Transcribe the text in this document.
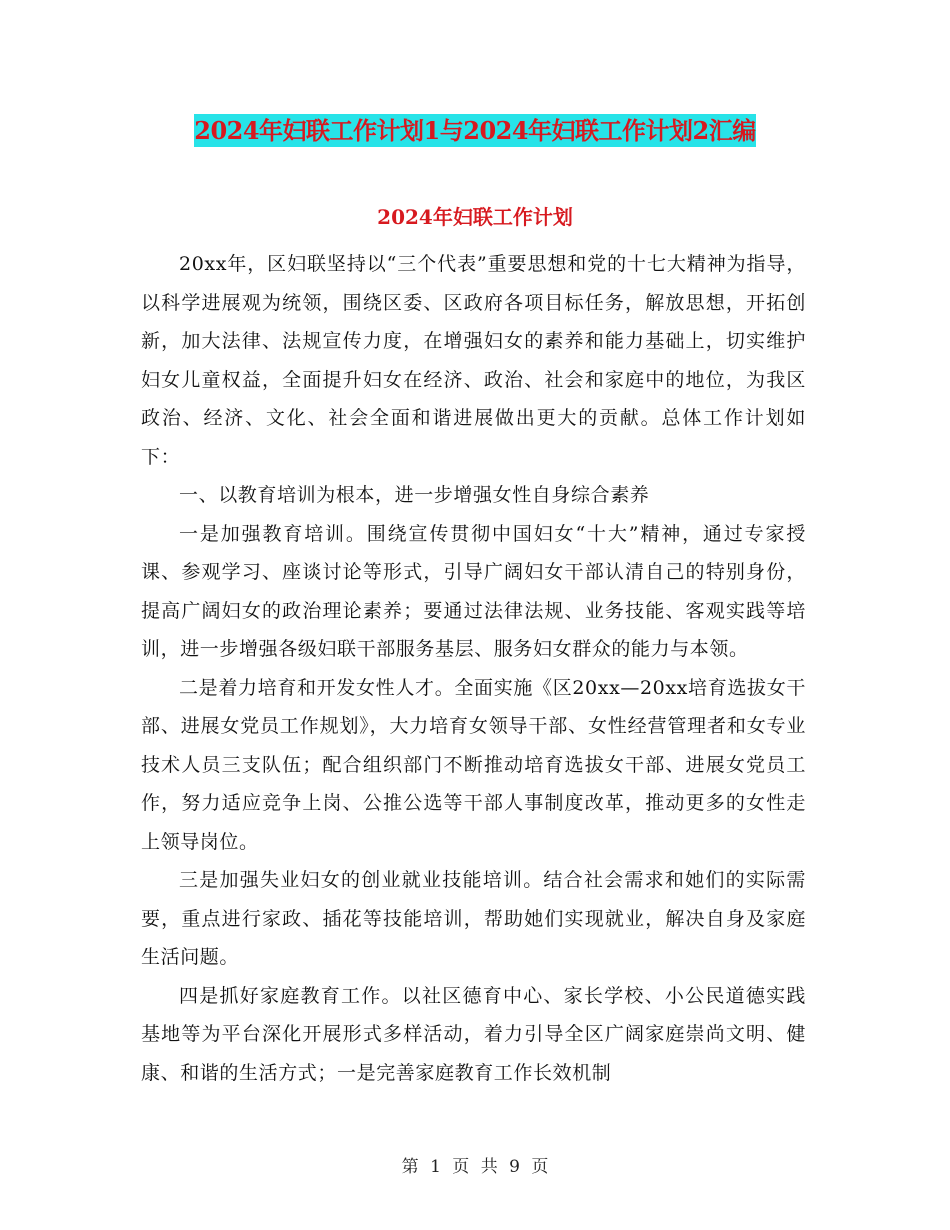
2024年妇联工作计划1与2024年妇联工作计划2汇编
2024年妇联工作计划

20xx年，区妇联坚持以“三个代表”重要思想和党的十七大精神为指导，以科学进展观为统领，围绕区委、区政府各项目标任务，解放思想，开拓创新，加大法律、法规宣传力度，在增强妇女的素养和能力基础上，切实维护妇女儿童权益，全面提升妇女在经济、政治、社会和家庭中的地位，为我区政治、经济、文化、社会全面和谐进展做出更大的贡献。总体工作计划如下：

一、以教育培训为根本，进一步增强女性自身综合素养

一是加强教育培训。围绕宣传贯彻中国妇女“十大”精神，通过专家授课、参观学习、座谈讨论等形式，引导广阔妇女干部认清自己的特别身份，提高广阔妇女的政治理论素养；要通过法律法规、业务技能、客观实践等培训，进一步增强各级妇联干部服务基层、服务妇女群众的能力与本领。

二是着力培育和开发女性人才。全面实施《区20xx—20xx培育选拔女干部、进展女党员工作规划》，大力培育女领导干部、女性经营管理者和女专业技术人员三支队伍；配合组织部门不断推动培育选拔女干部、进展女党员工作，努力适应竞争上岗、公推公选等干部人事制度改革，推动更多的女性走上领导岗位。

三是加强失业妇女的创业就业技能培训。结合社会需求和她们的实际需要，重点进行家政、插花等技能培训，帮助她们实现就业，解决自身及家庭生活问题。

四是抓好家庭教育工作。以社区德育中心、家长学校、小公民道德实践基地等为平台深化开展形式多样活动，着力引导全区广阔家庭崇尚文明、健康、和谐的生活方式；一是完善家庭教育工作长效机制

第 1 页 共 9 页
